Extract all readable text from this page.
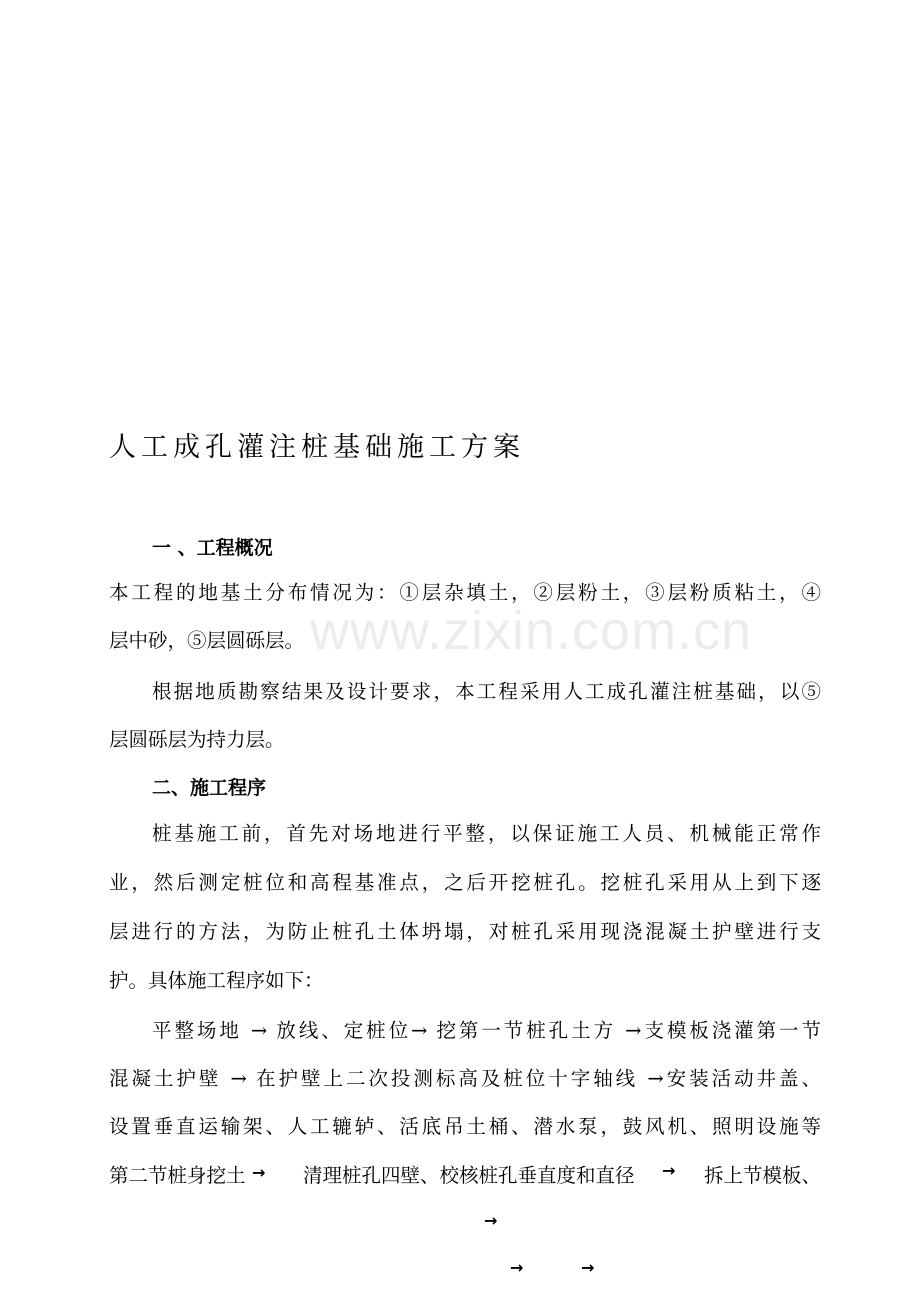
www.zixin.com.cn
人工成孔灌注桩基础施工方案
一 、工程概况
本工程的地基土分布情况为：①层杂填土，②层粉土，③层粉质粘土，④
层中砂，⑤层圆砾层。
根据地质勘察结果及设计要求，本工程采用人工成孔灌注桩基础，以⑤
层圆砾层为持力层。
二、施工程序
桩基施工前，首先对场地进行平整，以保证施工人员、机械能正常作
业，然后测定桩位和高程基准点，之后开挖桩孔。挖桩孔采用从上到下逐
层进行的方法，为防止桩孔土体坍塌，对桩孔采用现浇混凝土护壁进行支
护。具体施工程序如下：
平整场地 → 放线、定桩位→ 挖第一节桩孔土方 →支模板浇灌第一节
混凝土护壁 → 在护壁上二次投测标高及桩位十字轴线 →安装活动井盖、
设置垂直运输架、人工辘轳、活底吊土桶、潜水泵，鼓风机、照明设施等
第二节桩身挖土 → 清理桩孔四壁、校核桩孔垂直度和直径 → 拆上节模板、
→
→	→
